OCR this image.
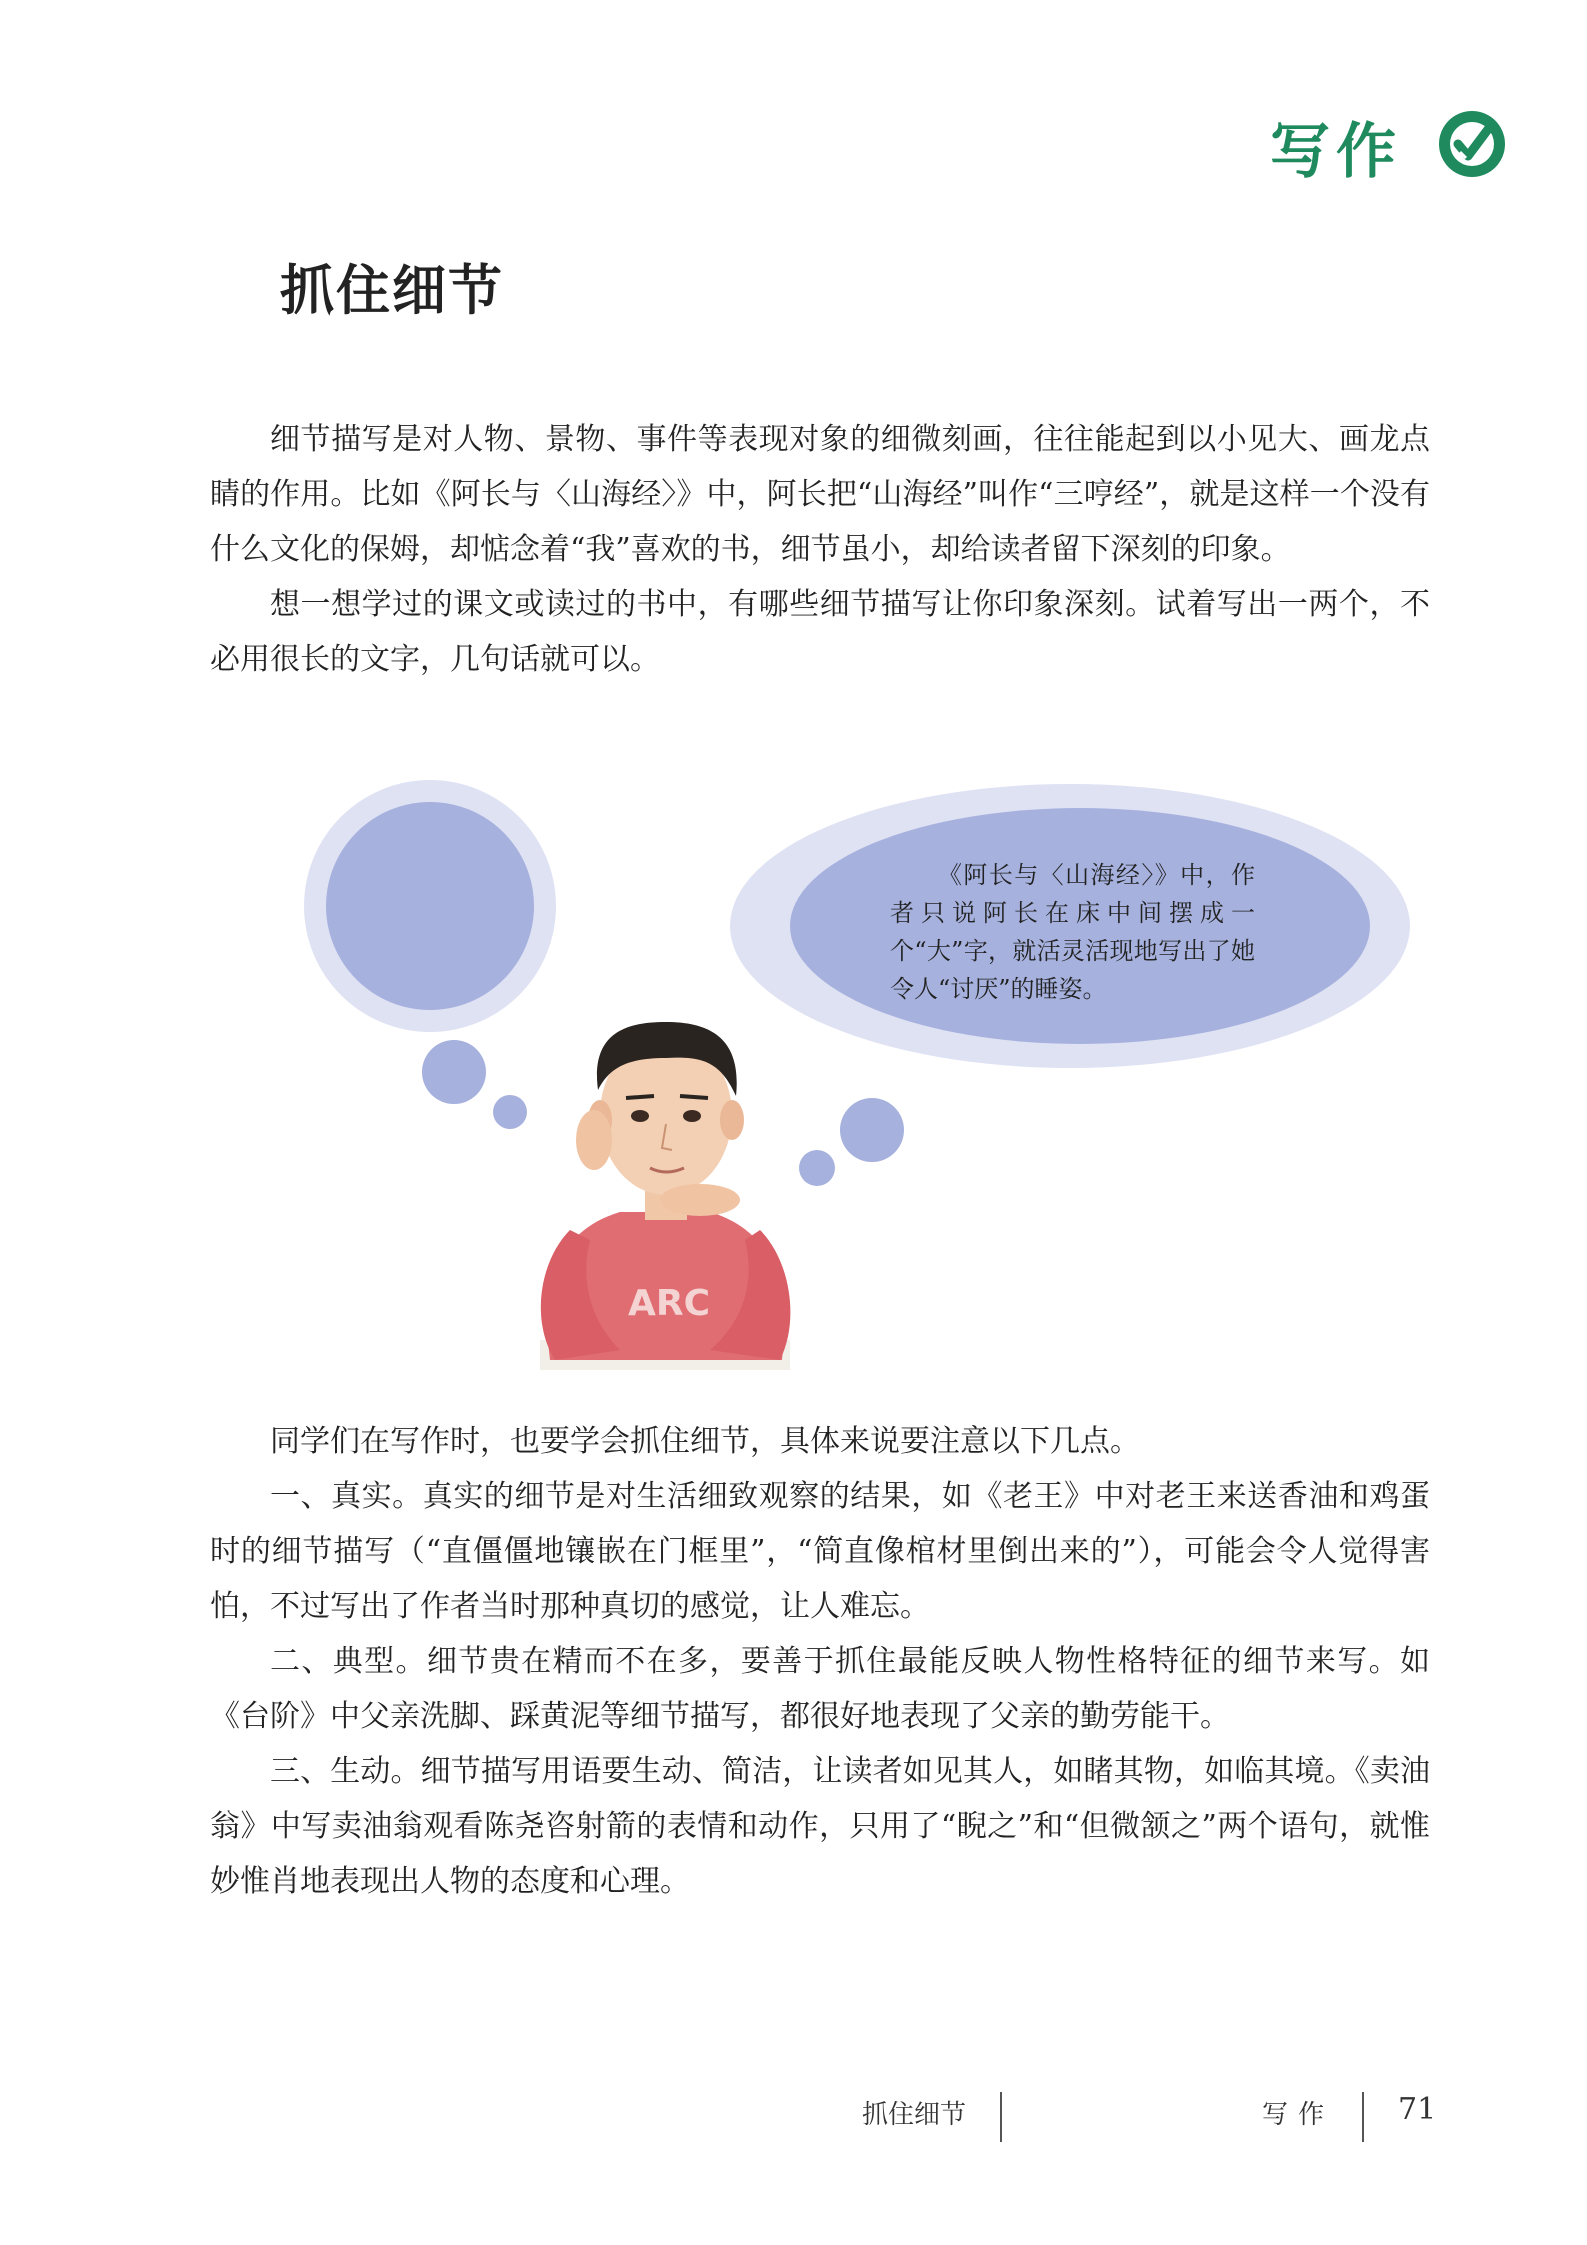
写作
抓住细节

细节描写是对人物、景物、事件等表现对象的细微刻画，往往能起到以小见大、画龙点睛的作用。比如《阿长与〈山海经〉》中，阿长把“山海经”叫作“三哼经”，就是这样一个没有什么文化的保姆，却惦念着“我”喜欢的书，细节虽小，却给读者留下深刻的印象。

想一想学过的课文或读过的书中，有哪些细节描写让你印象深刻。试着写出一两个，不必用很长的文字，几句话就可以。

ARC

《阿长与〈山海经〉》中，作者只说阿长在床中间摆成一个“大”字，就活灵活现地写出了她令人“讨厌”的睡姿。

同学们在写作时，也要学会抓住细节，具体来说要注意以下几点。

一、真实。真实的细节是对生活细致观察的结果，如《老王》中对老王来送香油和鸡蛋时的细节描写（“直僵僵地镶嵌在门框里”，“简直像棺材里倒出来的”），可能会令人觉得害怕，不过写出了作者当时那种真切的感觉，让人难忘。

二、典型。细节贵在精而不在多，要善于抓住最能反映人物性格特征的细节来写。如《台阶》中父亲洗脚、踩黄泥等细节描写，都很好地表现了父亲的勤劳能干。

三、生动。细节描写用语要生动、简洁，让读者如见其人，如睹其物，如临其境。《卖油翁》中写卖油翁观看陈尧咨射箭的表情和动作，只用了“睨之”和“但微颔之”两个语句，就惟妙惟肖地表现出人物的态度和心理。

抓住细节	写作 71
